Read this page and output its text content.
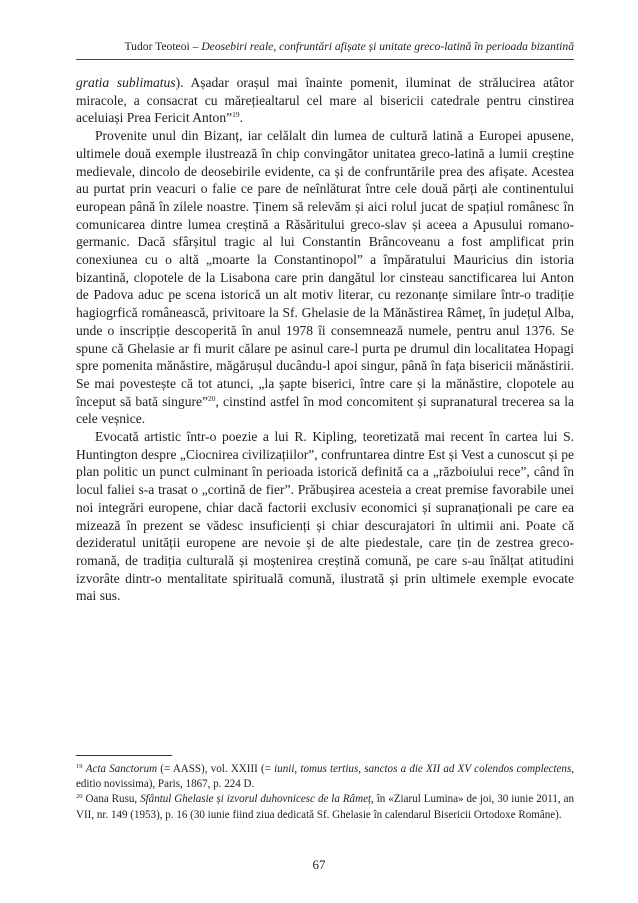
Tudor Teoteoi – Deosebiri reale, confruntări afișate și unitate greco-latină în perioada bizantină

gratia sublimatus). Așadar orașul mai înainte pomenit, iluminat de strălucirea atâtor miracole, a consacrat cu mărețiealtarul cel mare al bisericii catedrale pentru cinstirea aceluiași Prea Fericit Anton”$^{19}$.

Provenite unul din Bizanț, iar celălalt din lumea de cultură latină a Europei apusene, ultimele două exemple ilustrează în chip convingător unitatea greco-latină a lumii creștine medievale, dincolo de deosebirile evidente, ca și de confruntările prea des afișate. Acestea au purtat prin veacuri o falie ce pare de neînlăturat între cele două părți ale continentului european până în zilele noastre. Ținem să relevăm și aici rolul jucat de spațiul românesc în comunicarea dintre lumea creștină a Răsăritului greco-slav și aceea a Apusului romano-germanic. Dacă sfârșitul tragic al lui Constantin Brâncoveanu a fost amplificat prin conexiunea cu o altă „moarte la Constantinopol” a împăratului Mauricius din istoria bizantină, clopotele de la Lisabona care prin dangătul lor cinsteau sanctificarea lui Anton de Padova aduc pe scena istorică un alt motiv literar, cu rezonanțe similare într-o tradiție hagiogrfică românească, privitoare la Sf. Ghelasie de la Mănăstirea Râmeț, în județul Alba, unde o inscripție descoperită în anul 1978 îi consemnează numele, pentru anul 1376. Se spune că Ghelasie ar fi murit călare pe asinul care-l purta pe drumul din localitatea Hopagi spre pomenita mănăstire, măgărușul ducându-l apoi singur, până în fața bisericii mănăstirii. Se mai povestește că tot atunci, „la șapte biserici, între care și la mănăstire, clopotele au început să bată singure”$^{20}$, cinstind astfel în mod concomitent și supranatural trecerea sa la cele veșnice.

Evocată artistic într-o poezie a lui R. Kipling, teoretizată mai recent în cartea lui S. Huntington despre „Ciocnirea civilizațiilor”, confruntarea dintre Est și Vest a cunoscut și pe plan politic un punct culminant în perioada istorică definită ca a „războiului rece”, când în locul faliei s-a trasat o „cortină de fier”. Prăbușirea acesteia a creat premise favorabile unei noi integrări europene, chiar dacă factorii exclusiv economici și supranaționali pe care ea mizează în prezent se vădesc insuficienți și chiar descurajatori în ultimii ani. Poate că dezideratul unității europene are nevoie și de alte piedestale, care țin de zestrea greco-romană, de tradiția culturală și moștenirea creștină comună, pe care s-au înălțat atitudini izvorâte dintr-o mentalitate spirituală comună, ilustrată și prin ultimele exemple evocate mai sus.

$^{19}$ Acta Sanctorum (= AASS), vol. XXIII (= iunii, tomus tertius, sanctos a die XII ad XV colendos complectens, editio novissima), Paris, 1867, p. 224 D.

$^{20}$ Oana Rusu, Sfântul Ghelasie și izvorul duhovnicesc de la Râmeț, în «Ziarul Lumina» de joi, 30 iunie 2011, an VII, nr. 149 (1953), p. 16 (30 iunie fiind ziua dedicată Sf. Ghelasie în calendarul Bisericii Ortodoxe Române).

67
